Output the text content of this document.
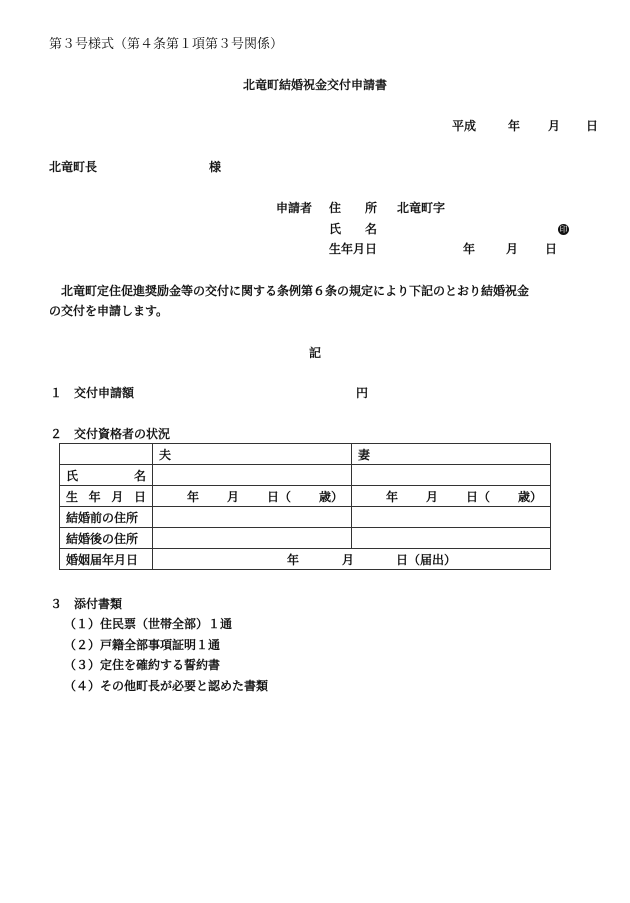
第３号様式（第４条第１項第３号関係）
北竜町結婚祝金交付申請書
平成	年 月 日
北竜町長	様
申請者 住　　所 北竜町字
氏　　名	印
生年月日	年	月 日
北竜町定住促進奨励金等の交付に関する条例第６条の規定により下記のとおり結婚祝金
の交付を申請します。
記
１ 交付申請額	円
２ 交付資格者の状況
	夫	妻

氏 名		

生 年 月 日	年 月 日（ 歳）	年 月 日（ 歳）

結婚前の住所		
結婚後の住所		
婚姻届年月日	年 月 日（届出）	
３ 添付書類
（１）住民票（世帯全部）１通
（２）戸籍全部事項証明１通
（３）定住を確約する誓約書
（４）その他町長が必要と認めた書類
